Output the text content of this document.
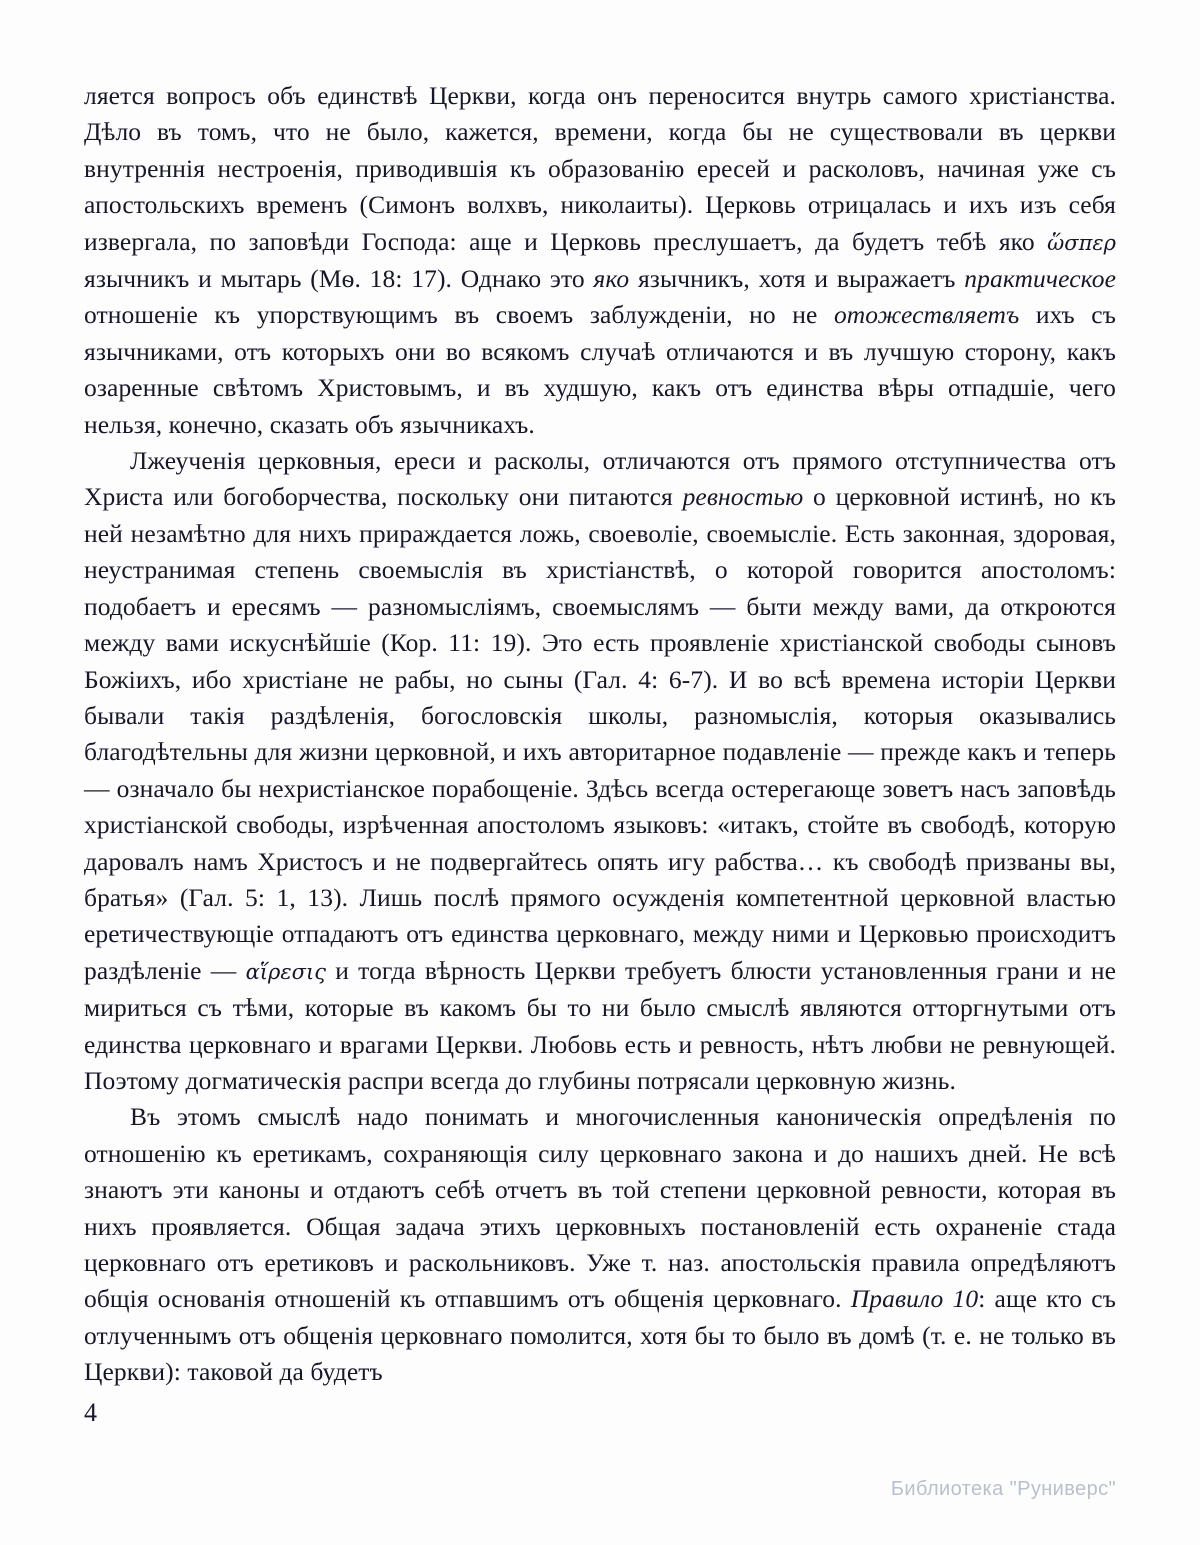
ляется вопросъ объ единствѣ Церкви, когда онъ переносится внутрь самого христіанства. Дѣло въ томъ, что не было, кажется, времени, когда бы не существовали въ церкви внутреннія нестроенія, приводившія къ образованію ересей и расколовъ, начиная уже съ апостольскихъ временъ (Симонъ волхвъ, николаиты). Церковь отрицалась и ихъ изъ себя извергала, по заповѣди Господа: аще и Церковь преслушаетъ, да будетъ тебѣ яко ὥσπερ язычникъ и мытарь (Мѳ. 18: 17). Однако это яко язычникъ, хотя и выражаетъ практическое отношеніе къ упорствующимъ въ своемъ заблужденіи, но не отожествляетъ ихъ съ язычниками, отъ которыхъ они во всякомъ случаѣ отличаются и въ лучшую сторону, какъ озаренные свѣтомъ Христовымъ, и въ худшую, какъ отъ единства вѣры отпадшіе, чего нельзя, конечно, сказать объ язычникахъ.

Лжеученія церковныя, ереси и расколы, отличаются отъ прямого отступничества отъ Христа или богоборчества, поскольку они питаются ревностью о церковной истинѣ, но къ ней незамѣтно для нихъ прираждается ложь, своеволіе, своемысліе. Есть законная, здоровая, неустранимая степень своемыслія въ христіанствѣ, о которой говорится апостоломъ: подобаетъ и ересямъ — разномысліямъ, своемыслямъ — быти между вами, да откроются между вами искуснѣйшіе (Кор. 11: 19). Это есть проявленіе христіанской свободы сыновъ Божіихъ, ибо христіане не рабы, но сыны (Гал. 4: 6-7). И во всѣ времена исторіи Церкви бывали такія раздѣленія, богословскія школы, разномыслія, которыя оказывались благодѣтельны для жизни церковной, и ихъ авторитарное подавленіе — прежде какъ и теперь — означало бы нехристіанское порабощеніе. Здѣсь всегда остерегающе зоветъ насъ заповѣдь христіанской свободы, изрѣченная апостоломъ языковъ: «итакъ, стойте въ свободѣ, которую даровалъ намъ Христосъ и не подвергайтесь опять игу рабства… къ свободѣ призваны вы, братья» (Гал. 5: 1, 13). Лишь послѣ прямого осужденія компетентной церковной властью еретичествующіе отпадаютъ отъ единства церковнаго, между ними и Церковью происходитъ раздѣленіе — αἵρεσις и тогда вѣрность Церкви требуетъ блюсти установленныя грани и не мириться съ тѣми, которые въ какомъ бы то ни было смыслѣ являются отторгнутыми отъ единства церковнаго и врагами Церкви. Любовь есть и ревность, нѣтъ любви не ревнующей. Поэтому догматическія распри всегда до глубины потрясали церковную жизнь.

Въ этомъ смыслѣ надо понимать и многочисленныя каноническія опредѣленія по отношенію къ еретикамъ, сохраняющія силу церковнаго закона и до нашихъ дней. Не всѣ знаютъ эти каноны и отдаютъ себѣ отчетъ въ той степени церковной ревности, которая въ нихъ проявляется. Общая задача этихъ церковныхъ постановленій есть охраненіе стада церковнаго отъ еретиковъ и раскольниковъ. Уже т. наз. апостольскія правила опредѣляютъ общія основанія отношеній къ отпавшимъ отъ общенія церковнаго. Правило 10: аще кто съ отлученнымъ отъ общенія церковнаго помолится, хотя бы то было въ домѣ (т. е. не только въ Церкви): таковой да будетъ

4
Библиотека "Руниверс"
